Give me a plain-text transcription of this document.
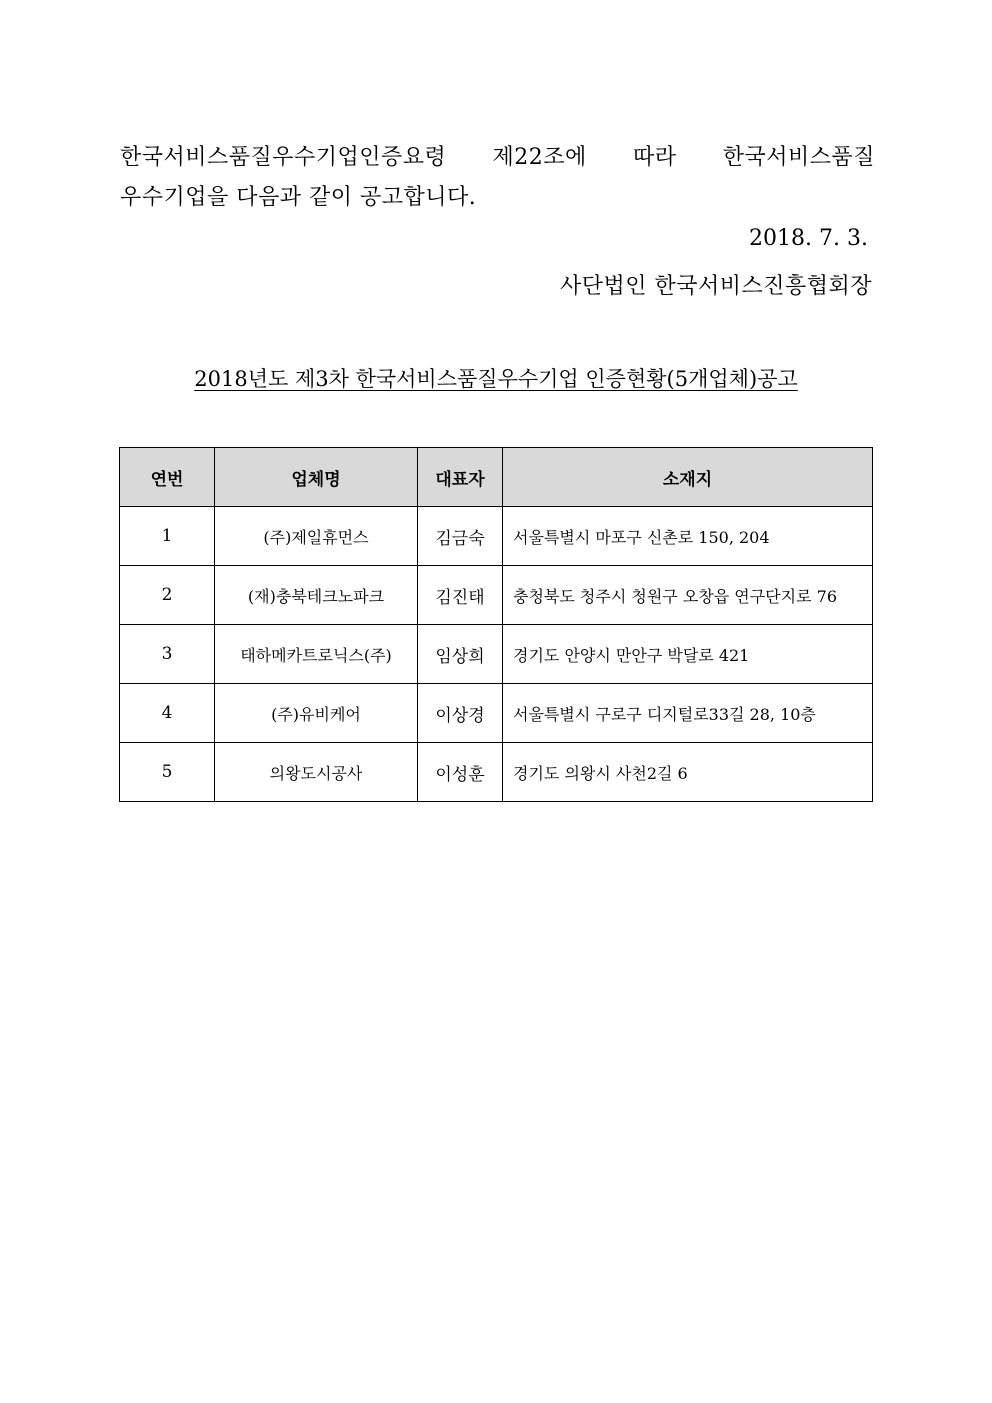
한국서비스품질우수기업인증요령 제22조에 따라 한국서비스품질
우수기업을 다음과 같이 공고합니다.

2018. 7. 3.
사단법인 한국서비스진흥협회장
2018년도 제3차 한국서비스품질우수기업 인증현황(5개업체)공고
연번	업체명	대표자	소재지
1	(주)제일휴먼스	김금숙	서울특별시 마포구 신촌로 150, 204
2	(재)충북테크노파크	김진태	충청북도 청주시 청원구 오창읍 연구단지로 76
3	태하메카트로닉스(주)	임상희	경기도 안양시 만안구 박달로 421
4	(주)유비케어	이상경	서울특별시 구로구 디지털로33길 28, 10층
5	의왕도시공사	이성훈	경기도 의왕시 사천2길 6
